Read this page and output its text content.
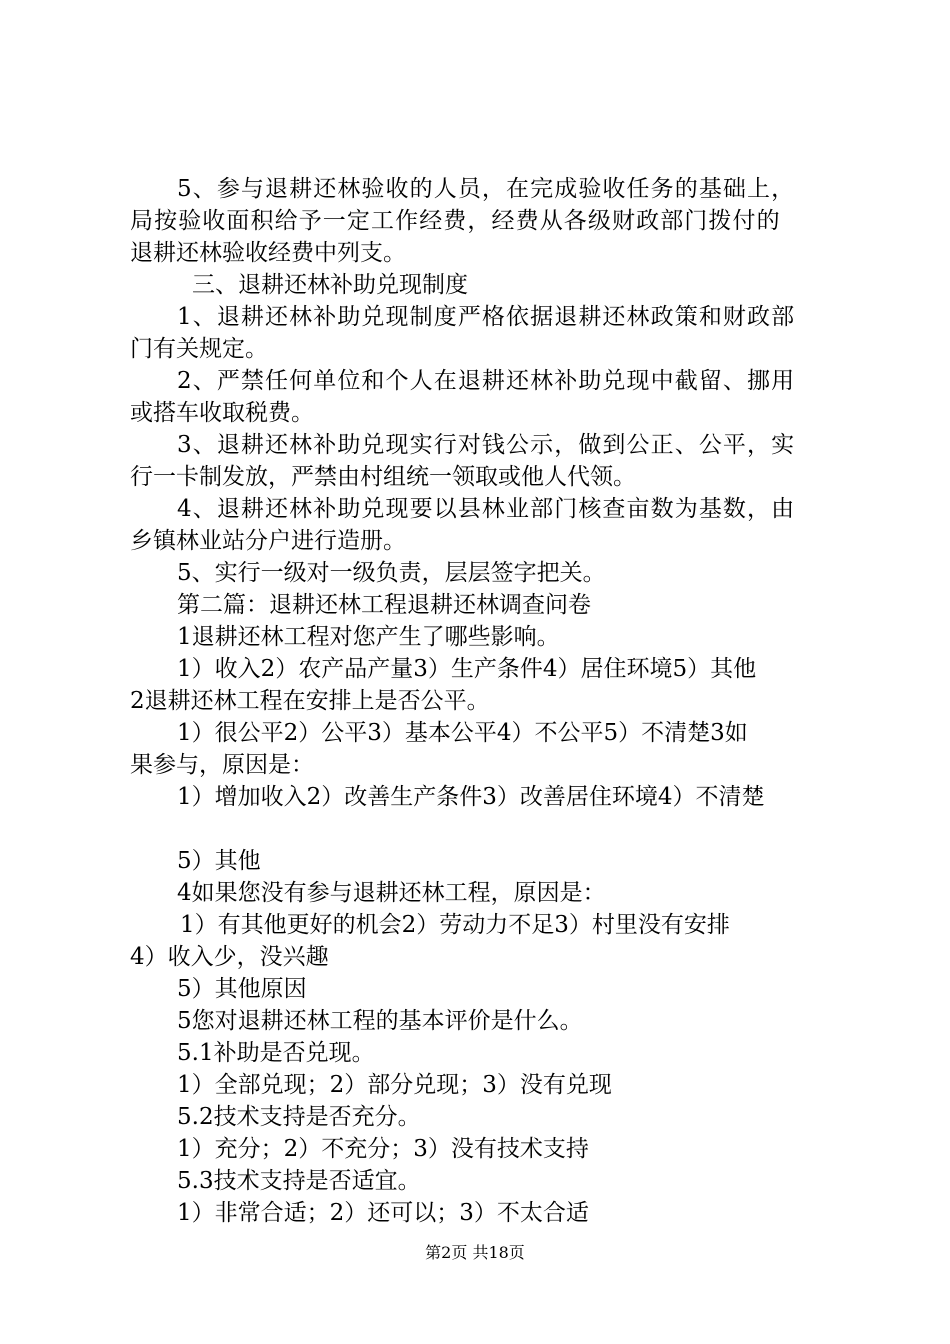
5、参与退耕还林验收的人员，在完成验收任务的基础上，
局按验收面积给予一定工作经费，经费从各级财政部门拨付的
退耕还林验收经费中列支。
三、退耕还林补助兑现制度
1、退耕还林补助兑现制度严格依据退耕还林政策和财政部
门有关规定。
2、严禁任何单位和个人在退耕还林补助兑现中截留、挪用
或搭车收取税费。
3、退耕还林补助兑现实行对钱公示，做到公正、公平，实
行一卡制发放，严禁由村组统一领取或他人代领。
4、退耕还林补助兑现要以县林业部门核查亩数为基数，由
乡镇林业站分户进行造册。
5、实行一级对一级负责，层层签字把关。
第二篇：退耕还林工程退耕还林调查问卷
1退耕还林工程对您产生了哪些影响。
1）收入2）农产品产量3）生产条件4）居住环境5）其他
2退耕还林工程在安排上是否公平。
1）很公平2）公平3）基本公平4）不公平5）不清楚3如
果参与，原因是：
1）增加收入2）改善生产条件3）改善居住环境4）不清楚
5）其他
4如果您没有参与退耕还林工程，原因是：
1）有其他更好的机会2）劳动力不足3）村里没有安排
4）收入少，没兴趣
5）其他原因
5您对退耕还林工程的基本评价是什么。
5.1补助是否兑现。
1）全部兑现；2）部分兑现；3）没有兑现
5.2技术支持是否充分。
1）充分；2）不充分；3）没有技术支持
5.3技术支持是否适宜。
1）非常合适；2）还可以；3）不太合适
第2页 共18页
